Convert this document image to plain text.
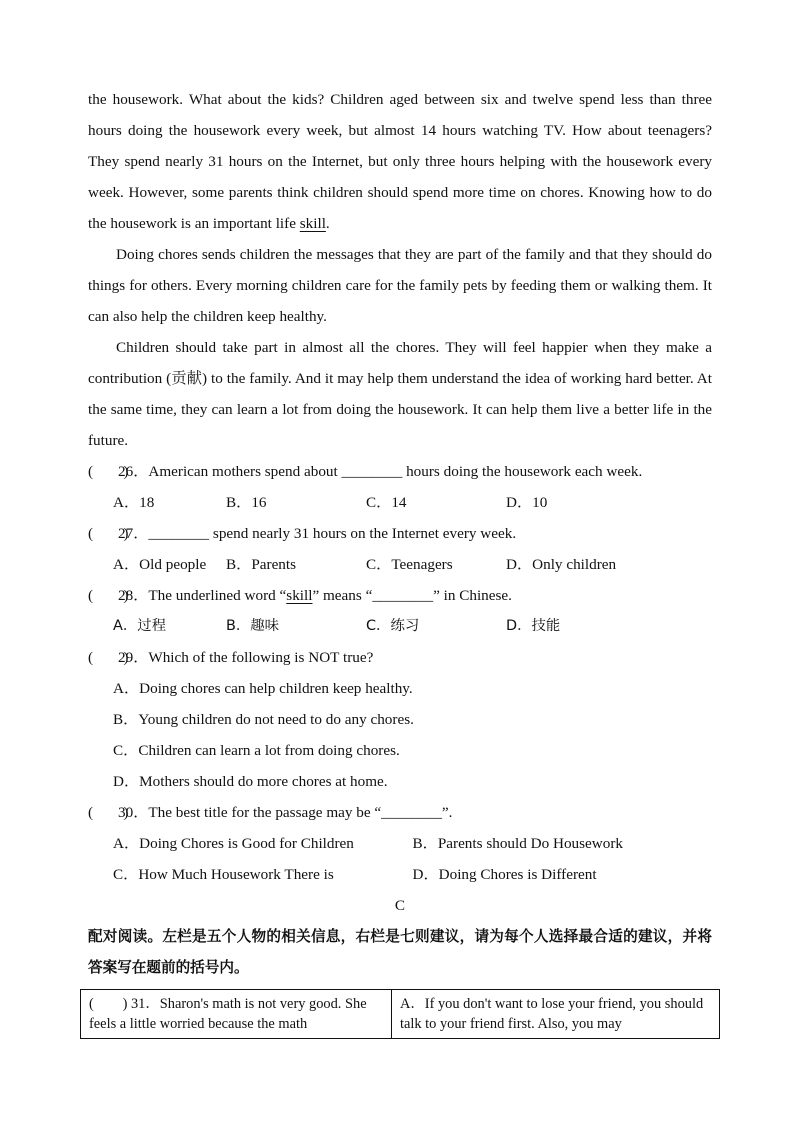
the housework. What about the kids? Children aged between six and twelve spend less than three hours doing the housework every week, but almost 14 hours watching TV. How about teenagers? They spend nearly 31 hours on the Internet, but only three hours helping with the housework every week. However, some parents think children should spend more time on chores. Knowing how to do the housework is an important life skill.

Doing chores sends children the messages that they are part of the family and that they should do things for others. Every morning children care for the family pets by feeding them or walking them. It can also help the children keep healthy.

Children should take part in almost all the chores. They will feel happier when they make a contribution (贡献) to the family. And it may help them understand the idea of working hard better. At the same time, they can learn a lot from doing the housework. It can help them live a better life in the future.

(　　)26．American mothers spend about ________ hours doing the housework each week.

A．18	B．16	C．14	D．10

(　　)27．________ spend nearly 31 hours on the Internet every week.

A．Old people	B．Parents	C．Teenagers	D．Only children

(　　)28．The underlined word “skill” means “________” in Chinese.

A．过程	B．趣味	C．练习	D．技能

(　　)29．Which of the following is NOT true?

A．Doing chores can help children keep healthy.

B．Young children do not need to do any chores.

C．Children can learn a lot from doing chores.

D．Mothers should do more chores at home.

(　　)30．The best title for the passage may be “________”.

A．Doing Chores is Good for Children	B．Parents should Do Housework
C．How Much Housework There is	D．Doing Chores is Different

C

配对阅读。左栏是五个人物的相关信息，右栏是七则建议，请为每个人选择最合适的建议，并将答案写在题前的括号内。

(　　) 31．Sharon's math is not very good. She feels a little worried because the math	A．If you don't want to lose your friend, you should talk to your friend first. Also, you may
